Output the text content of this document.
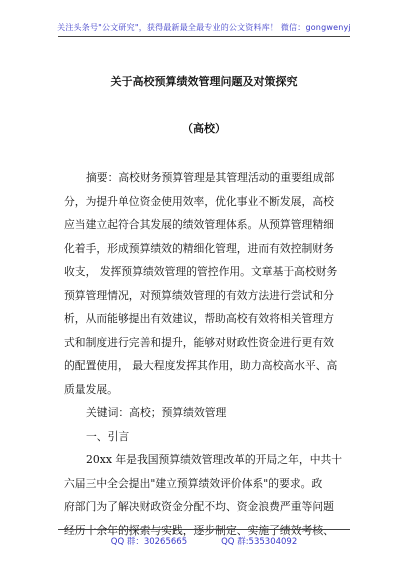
关注头条号"公文研究"，获得最新最全最专业的公文资料库！ 微信：gongwenyj
关于高校预算绩效管理问题及对策探究
（高校）
摘要：高校财务预算管理是其管理活动的重要组成部
分，为提升单位资金使用效率，优化事业不断发展，高校
应当建立起符合其发展的绩效管理体系。从预算管理精细
化着手，形成预算绩效的精细化管理，进而有效控制财务
收支， 发挥预算绩效管理的管控作用。文章基于高校财务
预算管理情况，对预算绩效管理的有效方法进行尝试和分
析，从而能够提出有效建议，帮助高校有效将相关管理方
式和制度进行完善和提升，能够对财政性资金进行更有效
的配置使用， 最大程度发挥其作用，助力高校高水平、高
质量发展。
关键词：高校；预算绩效管理
一、引言
20xx 年是我国预算绩效管理改革的开局之年，中共十
六届三中全会提出"建立预算绩效评价体系"的要求。政
府部门为了解决财政资金分配不均、资金浪费严重等问题
经历十余年的探索与实践，逐步制定、实施了绩效考核、
QQ 群：30265665	QQ 群:535304092
